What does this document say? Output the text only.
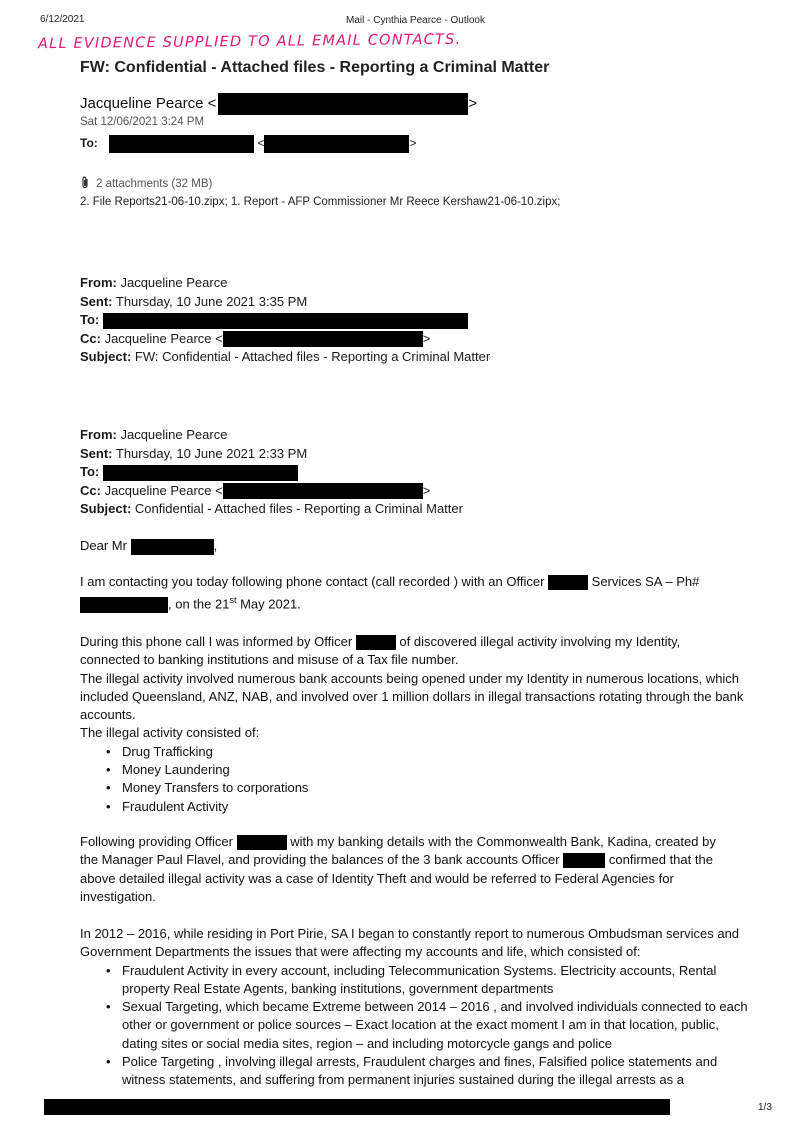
6/12/2021	Mail - Cynthia Pearce - Outlook
1/3
ALL EVIDENCE SUPPLIED TO ALL EMAIL CONTACTS.
FW: Confidential - Attached files - Reporting a Criminal Matter
Jacqueline Pearce <	>
Sat 12/06/2021 3:24 PM
To:	<	>
2 attachments (32 MB)
2. File Reports21-06-10.zipx; 1. Report - AFP Commissioner Mr Reece Kershaw21-06-10.zipx;
From: Jacqueline Pearce
Sent: Thursday, 10 June 2021 3:35 PM
To:
Cc: Jacqueline Pearce <	>
Subject: FW: Confidential - Attached files - Reporting a Criminal Matter
From: Jacqueline Pearce
Sent: Thursday, 10 June 2021 2:33 PM
To:
Cc: Jacqueline Pearce <	>
Subject: Confidential - Attached files - Reporting a Criminal Matter
Dear Mr	,
I am contacting you today following phone contact (call recorded ) with an Officer	Services SA – Ph#
, on the 21st May 2021.
During this phone call I was informed by Officer	of discovered illegal activity involving my Identity,
connected to banking institutions and misuse of a Tax file number.
The illegal activity involved numerous bank accounts being opened under my Identity in numerous locations, which included Queensland, ANZ, NAB, and involved over 1 million dollars in illegal transactions rotating through the bank accounts.
The illegal activity consisted of:
• Drug Trafficking
• Money Laundering
• Money Transfers to corporations
• Fraudulent Activity
Following providing Officer	with my banking details with the Commonwealth Bank, Kadina, created by
the Manager Paul Flavel, and providing the balances of the 3 bank accounts Officer	confirmed that the
above detailed illegal activity was a case of Identity Theft and would be referred to Federal Agencies for investigation.
In 2012 – 2016, while residing in Port Pirie, SA I began to constantly report to numerous Ombudsman services and Government Departments the issues that were affecting my accounts and life, which consisted of:
• Fraudulent Activity in every account, including Telecommunication Systems. Electricity accounts, Rental property Real Estate Agents, banking institutions, government departments
• Sexual Targeting, which became Extreme between 2014 – 2016 , and involved individuals connected to each other or government or police sources – Exact location at the exact moment I am in that location, public, dating sites or social media sites, region – and including motorcycle gangs and police
• Police Targeting , involving illegal arrests, Fraudulent charges and fines, Falsified police statements and witness statements, and suffering from permanent injuries sustained during the illegal arrests as a
